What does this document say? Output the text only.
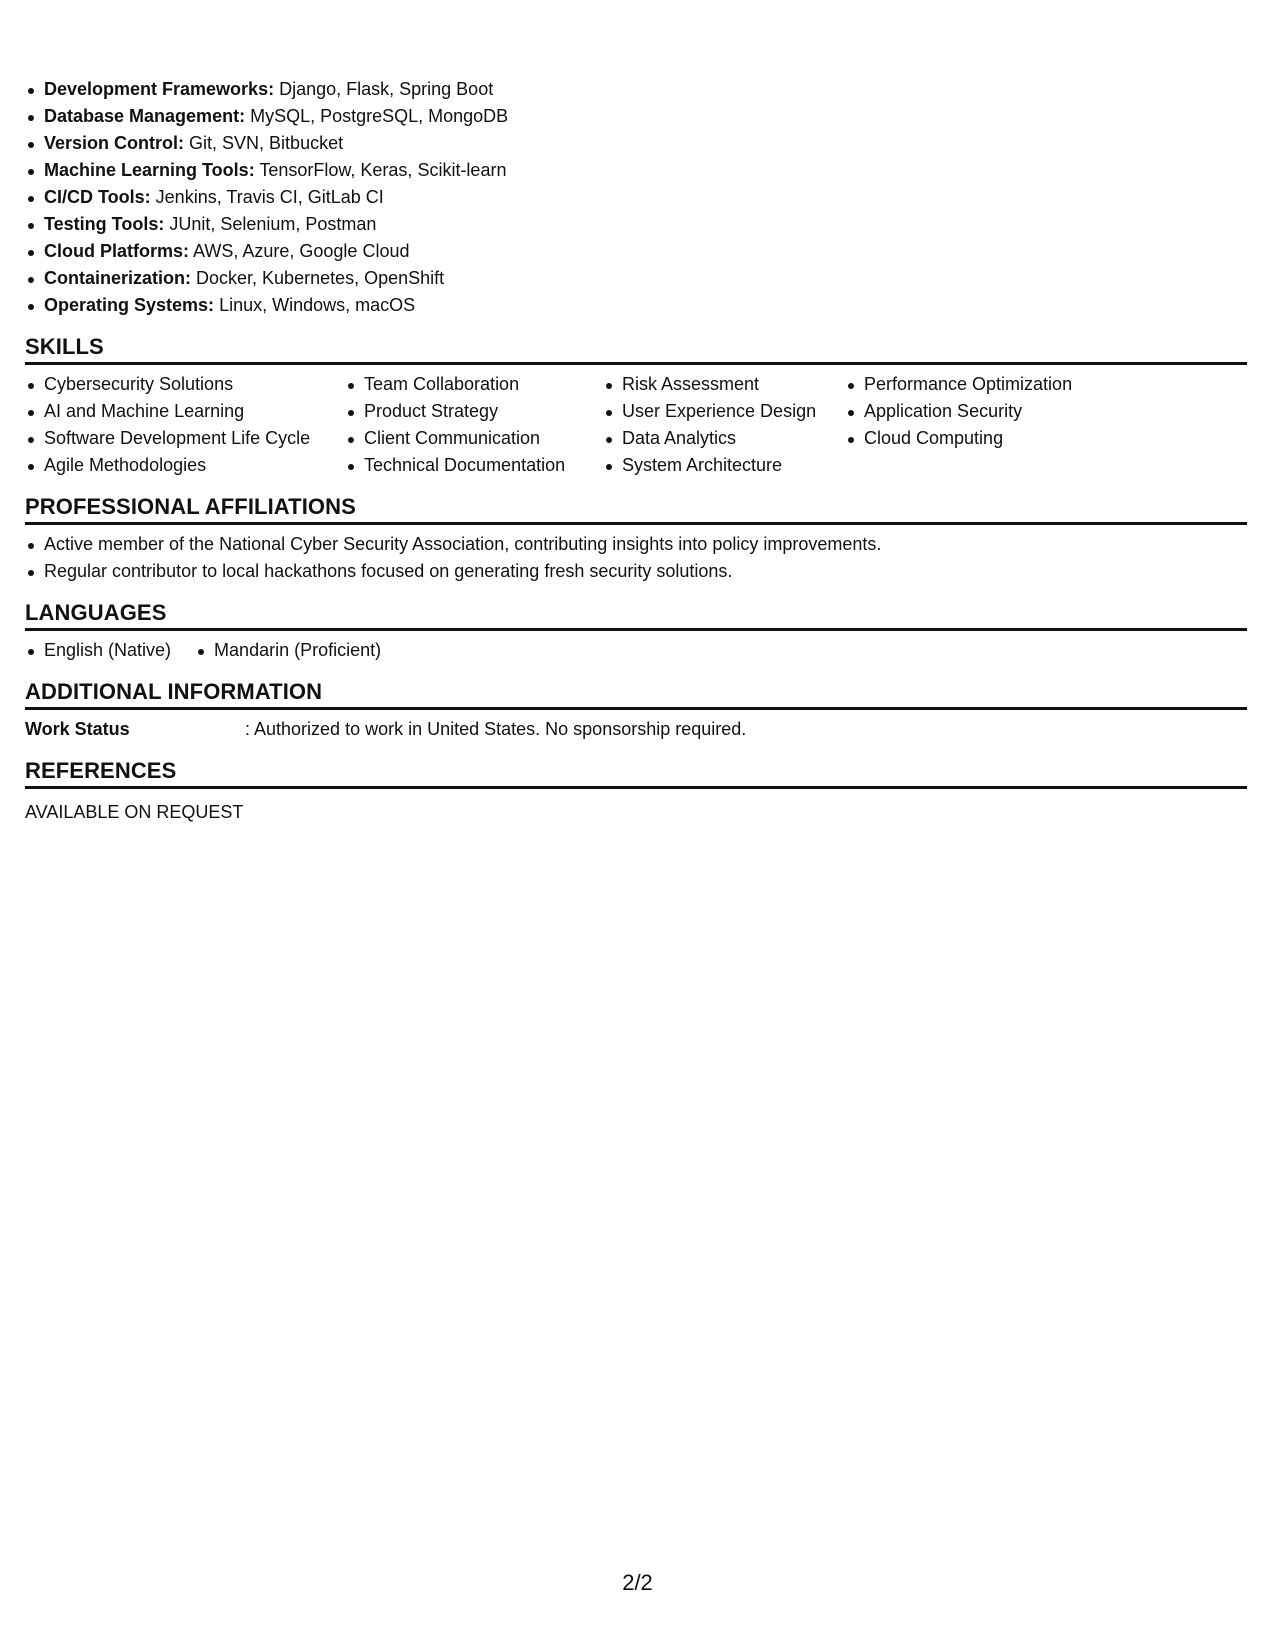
Development Frameworks: Django, Flask, Spring Boot
Database Management: MySQL, PostgreSQL, MongoDB
Version Control: Git, SVN, Bitbucket
Machine Learning Tools: TensorFlow, Keras, Scikit-learn
CI/CD Tools: Jenkins, Travis CI, GitLab CI
Testing Tools: JUnit, Selenium, Postman
Cloud Platforms: AWS, Azure, Google Cloud
Containerization: Docker, Kubernetes, OpenShift
Operating Systems: Linux, Windows, macOS
SKILLS
Cybersecurity Solutions
AI and Machine Learning
Software Development Life Cycle
Agile Methodologies
Team Collaboration
Product Strategy
Client Communication
Technical Documentation
Risk Assessment
User Experience Design
Data Analytics
System Architecture
Performance Optimization
Application Security
Cloud Computing
PROFESSIONAL AFFILIATIONS
Active member of the National Cyber Security Association, contributing insights into policy improvements.
Regular contributor to local hackathons focused on generating fresh security solutions.
LANGUAGES
English (Native)	Mandarin (Proficient)
ADDITIONAL INFORMATION
Work Status	: Authorized to work in United States. No sponsorship required.
REFERENCES
AVAILABLE ON REQUEST
2/2
